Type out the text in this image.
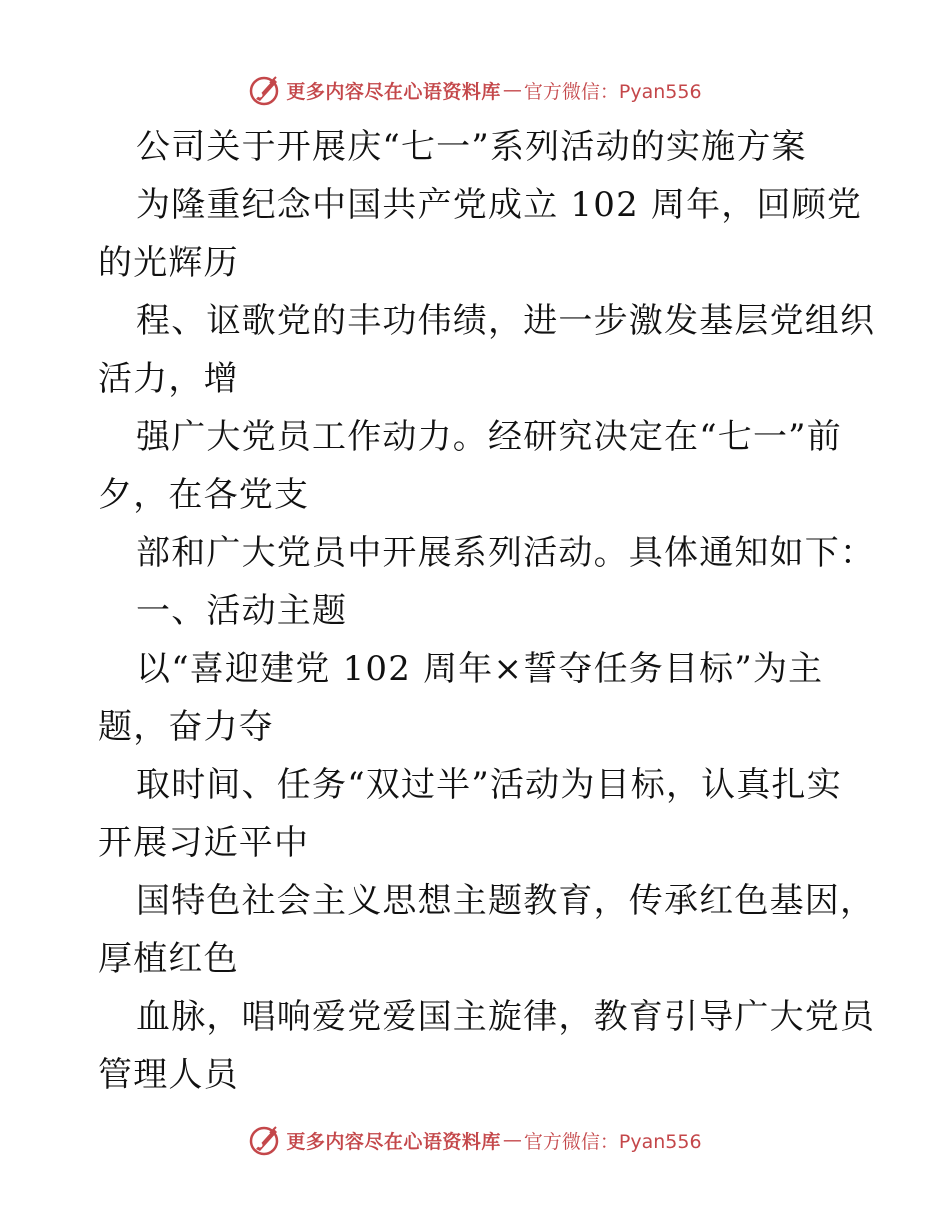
更多内容尽在心语资料库 — 官方微信：Pyan556
公司关于开展庆“七一”系列活动的实施方案
为隆重纪念中国共产党成立 102 周年，回顾党
的光辉历
程、讴歌党的丰功伟绩，进一步激发基层党组织
活力，增
强广大党员工作动力。经研究决定在“七一”前
夕，在各党支
部和广大党员中开展系列活动。具体通知如下：
一、活动主题
以“喜迎建党 102 周年×誓夺任务目标”为主
题，奋力夺
取时间、任务“双过半”活动为目标，认真扎实
开展习近平中
国特色社会主义思想主题教育，传承红色基因，
厚植红色
血脉，唱响爱党爱国主旋律，教育引导广大党员
管理人员
更多内容尽在心语资料库 — 官方微信：Pyan556
